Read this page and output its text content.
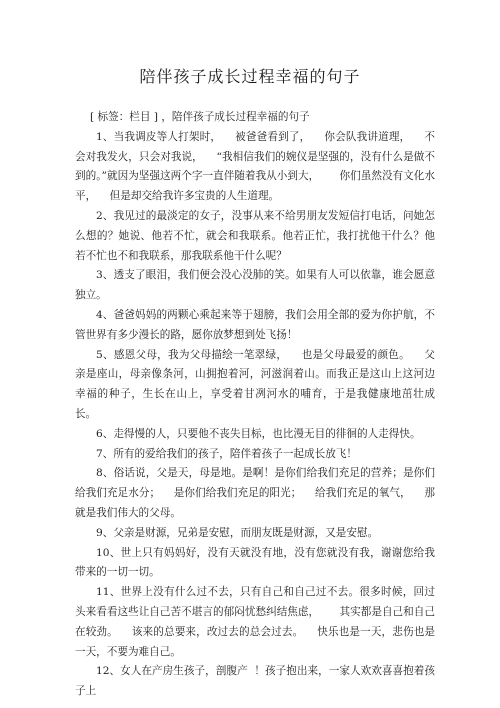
陪伴孩子成长过程幸福的句子

[ 标签：栏目 ] ，陪伴孩子成长过程幸福的句子

1、当我调皮等人打架时，    被爸爸看到了，    你会队我讲道理，    不会对我发火，只会对我说，    “我相信我们的婉仪是坚强的，没有什么是做不到的。”就因为坚强这两个字一直伴随着我从小到大，      你们虽然没有文化水平，    但是却交给我许多宝贵的人生道理。

2、我见过的最淡定的女子，没事从来不给男朋友发短信打电话，问她怎么想的？她说、他若不忙，就会和我联系。他若正忙，我打扰他干什么？他若不忙也不和我联系，那我联系他干什么呢？

3、透支了眼泪，我们便会没心没肺的笑。如果有人可以依靠，谁会愿意独立。

4、爸爸妈妈的两颗心乘起来等于翅膀，我们会用全部的爱为你护航，不管世界有多少漫长的路，愿你放梦想到处飞扬！

5、感恩父母，我为父母描绘一笔翠绿，    也是父母最爱的颜色。    父亲是座山，母亲像条河，山拥抱着河，河滋润着山。而我正是这山上这河边幸福的种子，生长在山上，享受着甘冽河水的哺育，于是我健康地茁壮成长。

6、走得慢的人，只要他不丧失目标，也比漫无目的徘徊的人走得快。

7、所有的爱给我们的孩子，陪伴着孩子一起成长放飞！

8、俗话说，父是天，母是地。是啊！是你们给我们充足的营养；是你们给我们充足水分；    是你们给我们充足的阳光；    给我们充足的氧气，    那就是我们伟大的父母。

9、父亲是财源，兄弟是安慰，而朋友既是财源，又是安慰。

10、世上只有妈妈好，没有天就没有地，没有您就没有我，谢谢您给我带来的一切一切。

11、世界上没有什么过不去，只有自己和自己过不去。很多时候，回过头来看看这些让自己苦不堪言的郁闷忧愁纠结焦虑，      其实都是自己和自己在较劲。    该来的总要来，改过去的总会过去。    快乐也是一天，悲伤也是一天，不要为难自己。

12、女人在产房生孩子，剖腹产  ！孩子抱出来，一家人欢欢喜喜抱着孩子上
